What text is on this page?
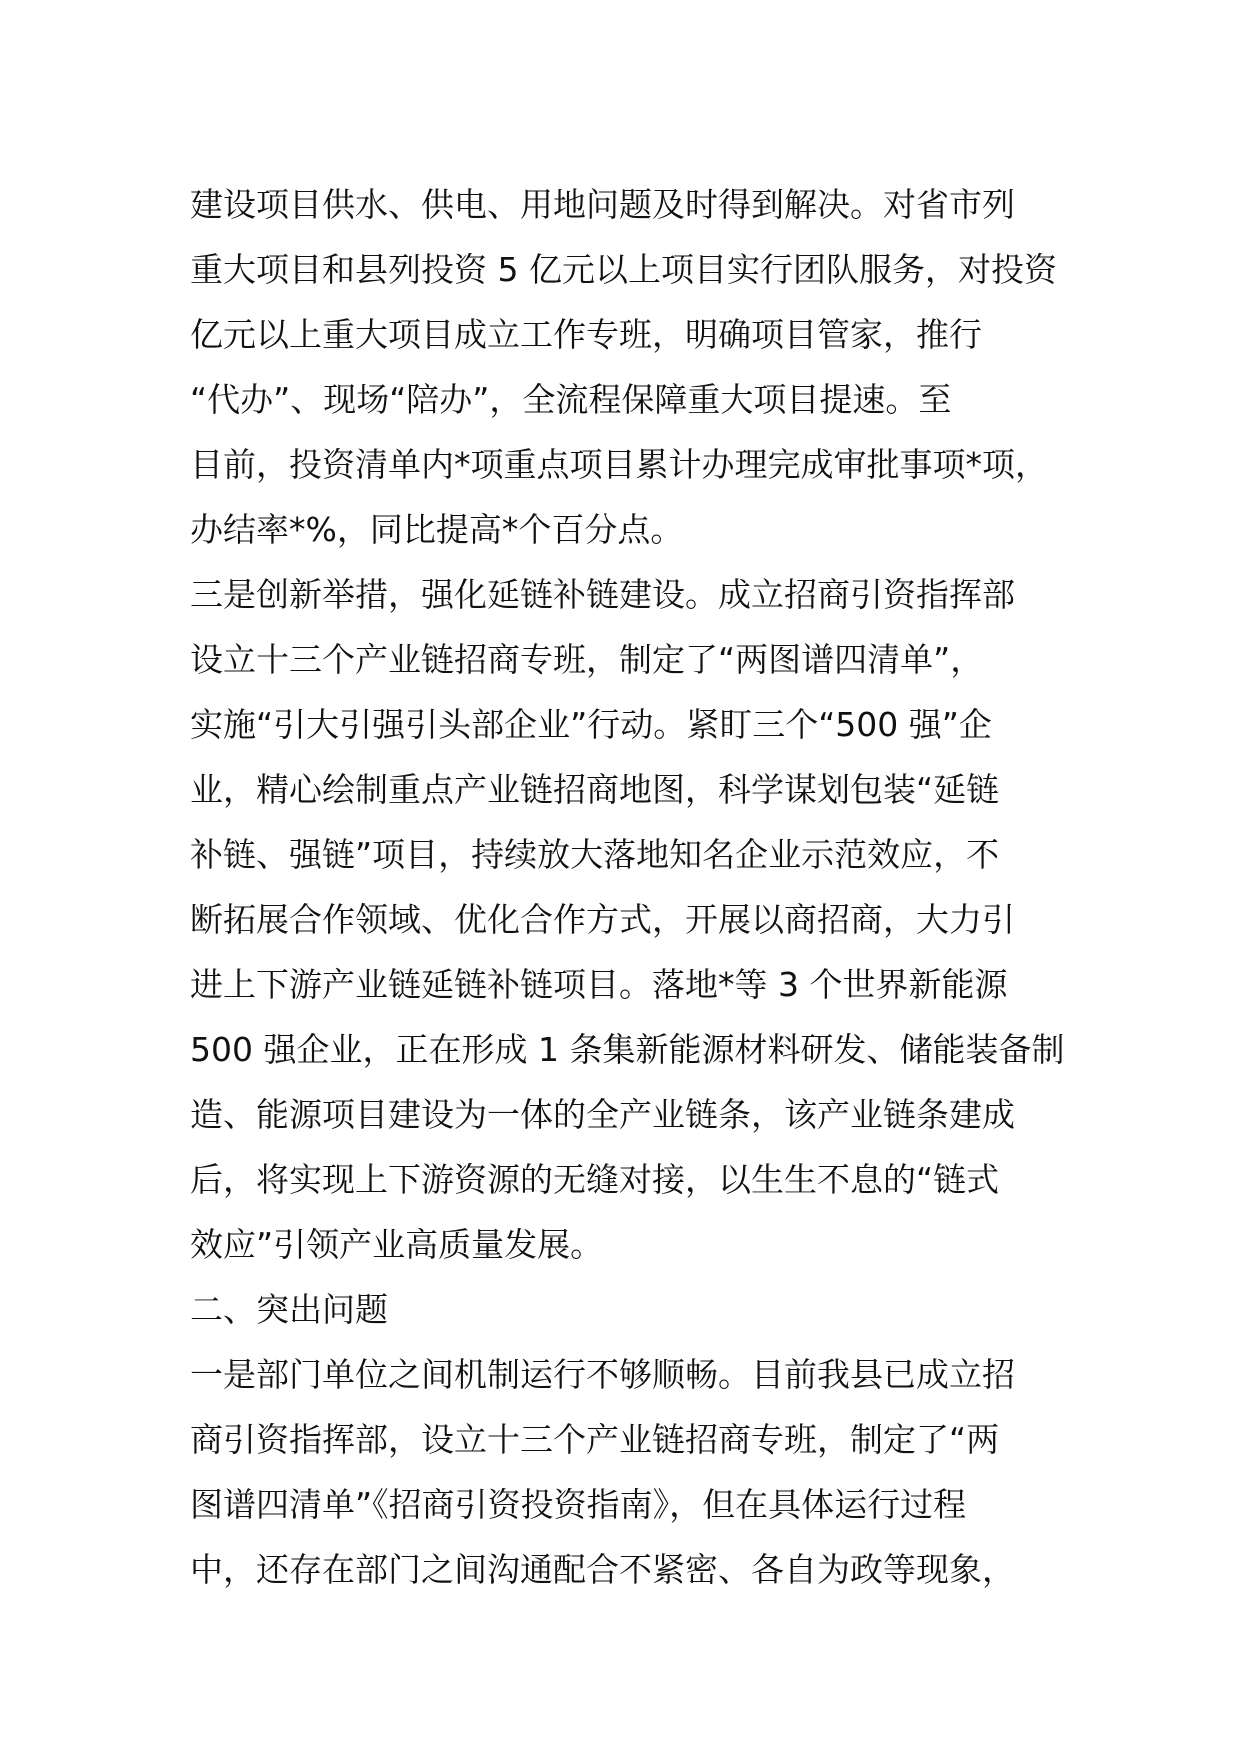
建设项目供水、供电、用地问题及时得到解决。对省市列
重大项目和县列投资 5 亿元以上项目实行团队服务，对投资
亿元以上重大项目成立工作专班，明确项目管家，推行
“代办”、现场“陪办”，全流程保障重大项目提速。至
目前，投资清单内*项重点项目累计办理完成审批事项*项，
办结率*%，同比提高*个百分点。
三是创新举措，强化延链补链建设。成立招商引资指挥部
设立十三个产业链招商专班，制定了“两图谱四清单”，
实施“引大引强引头部企业”行动。紧盯三个“500 强”企
业，精心绘制重点产业链招商地图，科学谋划包装“延链
补链、强链”项目，持续放大落地知名企业示范效应，不
断拓展合作领域、优化合作方式，开展以商招商，大力引
进上下游产业链延链补链项目。落地*等 3 个世界新能源
500 强企业，正在形成 1 条集新能源材料研发、储能装备制
造、能源项目建设为一体的全产业链条，该产业链条建成
后，将实现上下游资源的无缝对接，以生生不息的“链式
效应”引领产业高质量发展。
二、突出问题
一是部门单位之间机制运行不够顺畅。目前我县已成立招
商引资指挥部，设立十三个产业链招商专班，制定了“两
图谱四清单”《招商引资投资指南》，但在具体运行过程
中，还存在部门之间沟通配合不紧密、各自为政等现象，
